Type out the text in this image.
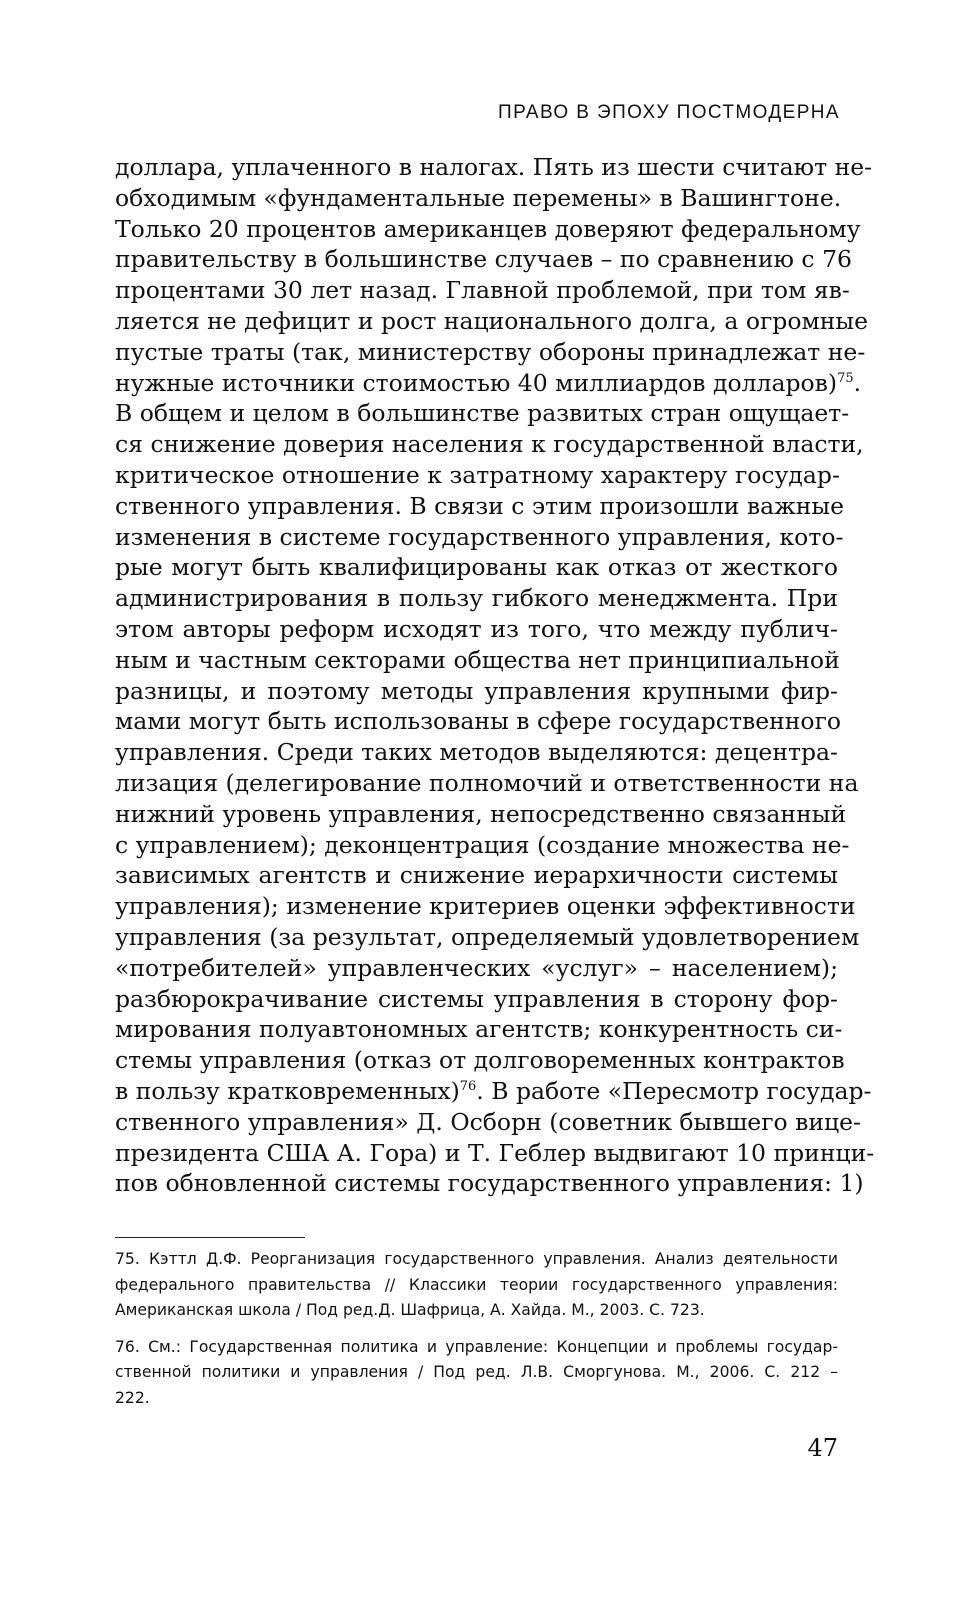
ПРАВО В ЭПОХУ ПОСТМОДЕРНА
доллара, уплаченного в налогах. Пять из шести считают не-
обходимым «фундаментальные перемены» в Вашингтоне.
Только 20 процентов американцев доверяют федеральному
правительству в большинстве случаев – по сравнению с 76
процентами 30 лет назад. Главной проблемой, при том яв-
ляется не дефицит и рост национального долга, а огромные
пустые траты (так, министерству обороны принадлежат не-
нужные источники стоимостью 40 миллиардов долларов)$^{75}$.
В общем и целом в большинстве развитых стран ощущает-
ся снижение доверия населения к государственной власти,
критическое отношение к затратному характеру государ-
ственного управления. В связи с этим произошли важные
изменения в системе государственного управления, кото-
рые могут быть квалифицированы как отказ от жесткого
администрирования в пользу гибкого менеджмента. При
этом авторы реформ исходят из того, что между публич-
ным и частным секторами общества нет принципиальной
разницы, и поэтому методы управления крупными фир-
мами могут быть использованы в сфере государственного
управления. Среди таких методов выделяются: децентра-
лизация (делегирование полномочий и ответственности на
нижний уровень управления, непосредственно связанный
с управлением); деконцентрация (создание множества не-
зависимых агентств и снижение иерархичности системы
управления); изменение критериев оценки эффективности
управления (за результат, определяемый удовлетворением
«потребителей» управленческих «услуг» – населением);
разбюрокрачивание системы управления в сторону фор-
мирования полуавтономных агентств; конкурентность си-
стемы управления (отказ от долговоременных контрактов
в пользу кратковременных)$^{76}$. В работе «Пересмотр государ-
ственного управления» Д. Осборн (советник бывшего вице-
президента США А. Гора) и Т. Геблер выдвигают 10 принци-
пов обновленной системы государственного управления: 1)
75. Кэттл Д.Ф. Реорганизация государственного управления. Анализ деятельности
федерального правительства // Классики теории государственного управления:
Американская школа / Под ред.Д. Шафрица, А. Хайда. М., 2003. С. 723.
76. См.: Государственная политика и управление: Концепции и проблемы государ-
ственной политики и управления / Под ред. Л.В. Сморгунова. М., 2006. С. 212 –
222.
47
